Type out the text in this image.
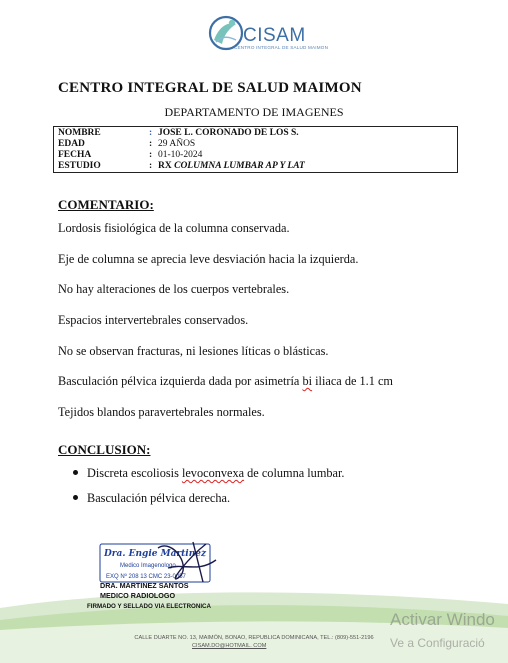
CISAM
CENTRO INTEGRAL DE SALUD MAIMON
CENTRO INTEGRAL DE SALUD MAIMON
DEPARTAMENTO DE IMAGENES
NOMBRE	: JOSE L. CORONADO DE LOS S.
EDAD	: 29 AÑOS
FECHA	: 01-10-2024
ESTUDIO	: RX COLUMNA LUMBAR AP Y LAT
COMENTARIO:
Lordosis fisiológica de la columna conservada.
Eje de columna se aprecia leve desviación hacia la izquierda.
No hay alteraciones de los cuerpos vertebrales.
Espacios intervertebrales conservados.
No se observan fracturas, ni lesiones líticas o blásticas.
Basculación pélvica izquierda dada por asimetría bi iliaca de 1.1 cm
Tejidos blandos paravertebrales normales.
CONCLUSION:
Discreta escoliosis levoconvexa de columna lumbar.
Basculación pélvica derecha.
Dra. Engie Martinez
Medico Imagenologo
EXQ Nº 208 13 CMC 23-0057
DRA. MARTINEZ SANTOS
MEDICO RADIOLOGO
FIRMADO Y SELLADO VIA ELECTRONICA
CALLE DUARTE NO. 13, MAIMÓN, BONAO, REPUBLICA DOMINICANA, TEL.: (809)-551-2196
CISAM.DO@HOTMAIL. COM
Activar Windo
Ve a Configuració
